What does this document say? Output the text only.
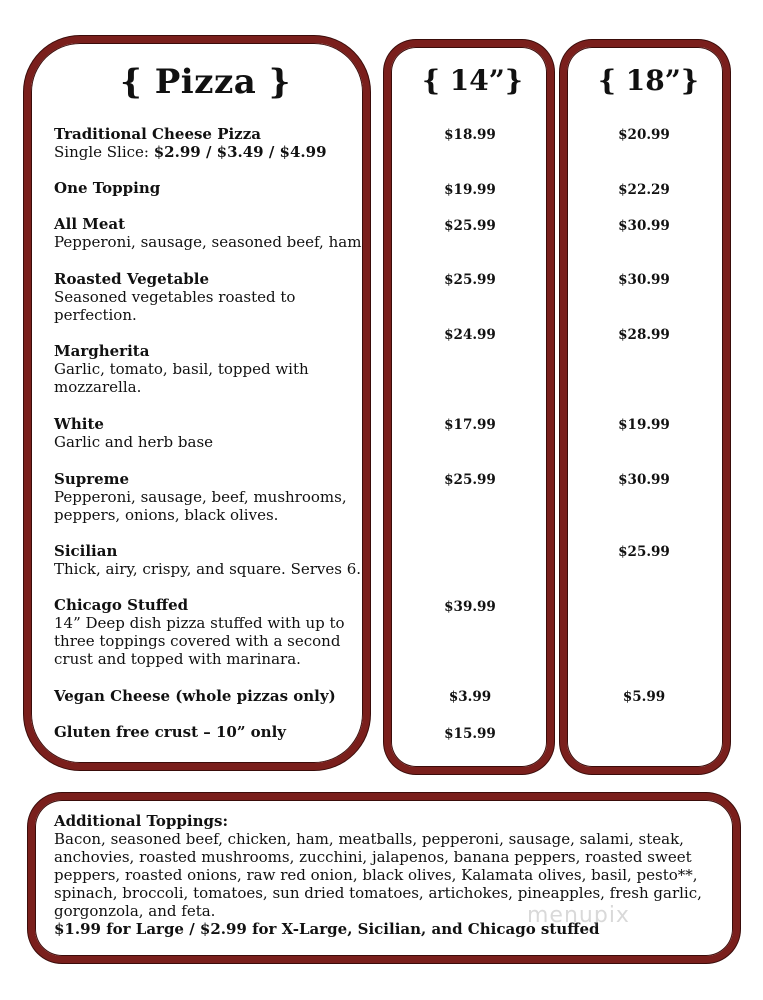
{ Pizza }	{ 14”}	{ 18”}
Traditional Cheese Pizza
Single Slice: $2.99 / $3.49 / $4.99
One Topping
All Meat
Pepperoni, sausage, seasoned beef, ham
Roasted Vegetable
Seasoned vegetables roasted to
perfection.
Margherita
Garlic, tomato, basil, topped with
mozzarella.
White
Garlic and herb base
Supreme
Pepperoni, sausage, beef, mushrooms,
peppers, onions, black olives.
Sicilian
Thick, airy, crispy, and square. Serves 6.
Chicago Stuffed
14” Deep dish pizza stuffed with up to
three toppings covered with a second
crust and topped with marinara.
Vegan Cheese (whole pizzas only)
Gluten free crust – 10” only
$18.99
$19.99
$25.99
$25.99
$24.99
$17.99
$25.99
$39.99
$3.99
$15.99
$20.99
$22.29
$30.99
$30.99
$28.99
$19.99
$30.99
$25.99
$5.99
Additional Toppings:
Bacon, seasoned beef, chicken, ham, meatballs, pepperoni, sausage, salami, steak,
anchovies, roasted mushrooms, zucchini, jalapenos, banana peppers, roasted sweet
peppers, roasted onions, raw red onion, black olives, Kalamata olives, basil, pesto**,
spinach, broccoli, tomatoes, sun dried tomatoes, artichokes, pineapples, fresh garlic,
gorgonzola, and feta.
$1.99 for Large / $2.99 for X-Large, Sicilian, and Chicago stuffed
menupix
